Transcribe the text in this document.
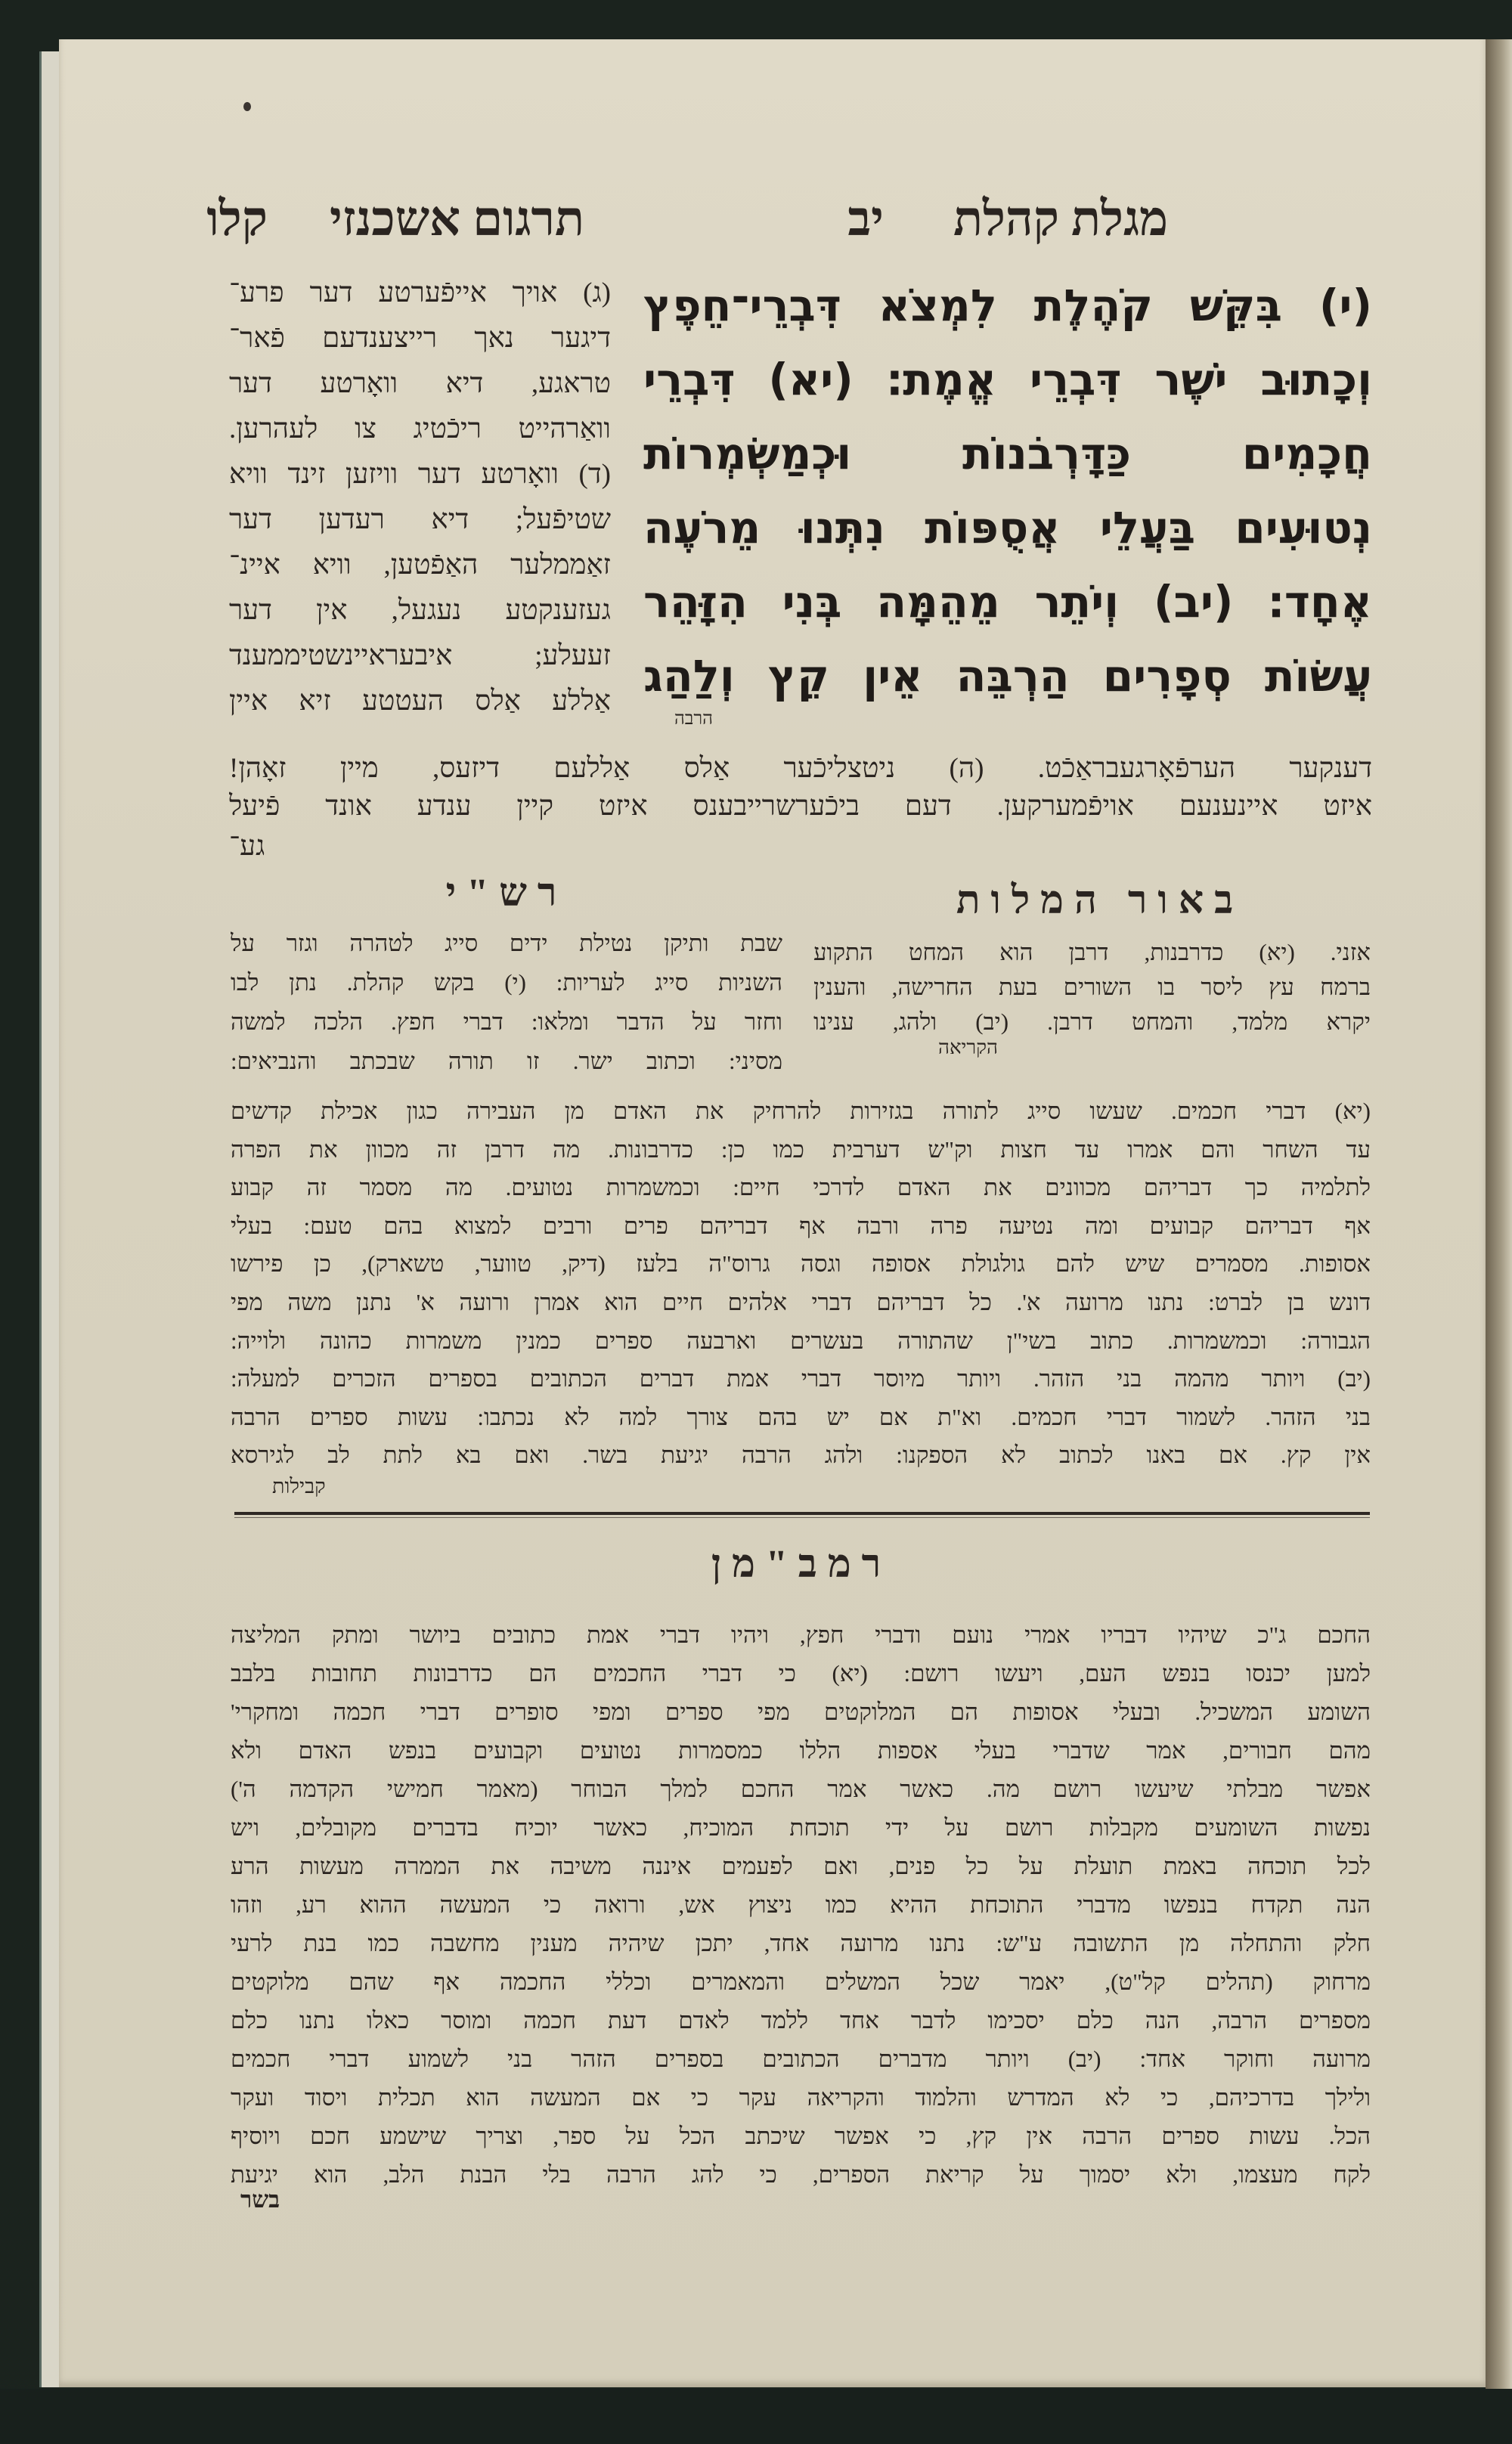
מגלת קהלת  יב
תרגום אשכנזי  קלו
(י) בִּקֵּשׁ קֹהֶלֶת לִמְצֹא דִּבְרֵי־חֵפֶץ
וְכָתוּב יֹשֶׁר דִּבְרֵי אֱמֶת׃ (יא) דִּבְרֵי
חֲכָמִים כַּדָּרְבֹנוֹת וּכְמַשְׂמְרוֹת
נְטוּעִים בַּעֲלֵי אֲסֻפּוֹת נִתְּנוּ מֵרֹעֶה
אֶחָד׃ (יב) וְיֹתֵר מֵהֵמָּה בְּנִי הִזָּהֵר
עֲשׂוֹת סְפָרִים הַרְבֵּה אֵין קֵץ וְלַהַג
הרבה
(ג) אויך אייפֿערטע דער פרע־
דיגער נאך רייצענדעם פֿאר־
טראגע, דיא וואָרטע דער
וואַרהייט ריכֿטיג צו לעהרען.
(ד) וואָרטע דער וויזען זינד וויא
שטיפֿעל; דיא רעדען דער
זאַממלער האַפֿטען, וויא איינ־
געזענקטע נעגעל, אין דער
זעעלע; איבעראיינשטיממענד
אַללע אַלס העטטע זיא איין
דענקער הערפֿאָרגעבראַכֿט. (ה) ניטצליכֿער אַלס אַללעם דיזעס, מיין זאָהן!
איזט איינענעם אויפֿמערקען. דעם ביכֿערשרייבענס איזט קיין ענדע אונד פֿיעל
גע־
באור המלות
רש"י
אזני. (יא) כדרבנות, דרבן הוא המחט התקוע
ברמח עץ ליסר בו השורים בעת החרישה, והענין
יקרא מלמד, והמחט דרבן. (יב) ולהג, ענינו
הקריאה
שבת ותיקן נטילת ידים סייג לטהרה וגזר על
השניות סייג לעריות: (י) בקש קהלת. נתן לבו
וחזר על הדבר ומלאו: דברי חפץ. הלכה למשה
מסיני: וכתוב ישר. זו תורה שבכתב והנביאים:
(יא) דברי חכמים. שעשו סייג לתורה בגזירות להרחיק את האדם מן העבירה כגון אכילת קדשים
עד השחר והם אמרו עד חצות וק"ש דערבית כמו כן: כדרבונות. מה דרבן זה מכוון את הפרה
לתלמיה כך דבריהם מכוונים את האדם לדרכי חיים: וכמשמרות נטועים. מה מסמר זה קבוע
אף דבריהם קבועים ומה נטיעה פרה ורבה אף דבריהם פרים ורבים למצוא בהם טעם: בעלי
אסופות. מסמרים שיש להם גולגולת אסופה וגסה גרוס"ה בלעז (דיק, טווער, טשארק), כן פירשו
דונש בן לברט: נתנו מרועה א'. כל דבריהם דברי אלהים חיים הוא אמרן ורועה א' נתנן משה מפי
הגבורה: וכמשמרות. כתוב בשי"ן שהתורה בעשרים וארבעה ספרים כמנין משמרות כהונה ולוייה:
(יב) ויותר מהמה בני הזהר. ויותר מיוסר דברי אמת דברים הכתובים בספרים הזכרים למעלה:
בני הזהר. לשמור דברי חכמים. וא"ת אם יש בהם צורך למה לא נכתבו: עשות ספרים הרבה
אין קץ. אם באנו לכתוב לא הספקנו: ולהג הרבה יגיעת בשר. ואם בא לתת לב לגירסא
קבילות
רמב"מן
החכם ג"כ שיהיו דבריו אמרי נועם ודברי חפץ, ויהיו דברי אמת כתובים ביושר ומתק המליצה
למען יכנסו בנפש העם, ויעשו רושם: (יא) כי דברי החכמים הם כדרבונות תחובות בלבב
השומע המשכיל. ובעלי אסופות הם המלוקטים מפי ספרים ומפי סופרים דברי חכמה ומחקרי'
מהם חבורים, אמר שדברי בעלי אספות הללו כמסמרות נטועים וקבועים בנפש האדם ולא
אפשר מבלתי שיעשו רושם מה. כאשר אמר החכם למלך הבוחר (מאמר חמישי הקדמה ה')
נפשות השומעים מקבלות רושם על ידי תוכחת המוכיח, כאשר יוכיח בדברים מקובלים, ויש
לכל תוכחה באמת תועלת על כל פנים, ואם לפעמים איננה משיבה את הממרה מעשות הרע
הנה תקדח בנפשו מדברי התוכחת ההיא כמו ניצוץ אש, ורואה כי המעשה ההוא רע, וזהו
חלק והתחלה מן התשובה ע"ש: נתנו מרועה אחד, יתכן שיהיה מענין מחשבה כמו בנת לרעי
מרחוק (תהלים קל"ט), יאמר שכל המשלים והמאמרים וכללי החכמה אף שהם מלוקטים
מספרים הרבה, הנה כלם יסכימו לדבר אחד ללמד לאדם דעת חכמה ומוסר כאלו נתנו כלם
מרועה וחוקר אחד: (יב) ויותר מדברים הכתובים בספרים הזהר בני לשמוע דברי חכמים
ולילך בדרכיהם, כי לא המדרש והלמוד והקריאה עקר כי אם המעשה הוא תכלית ויסוד ועקר
הכל. עשות ספרים הרבה אין קץ, כי אפשר שיכתב הכל על ספר, וצריך שישמע חכם ויוסיף
לקח מעצמו, ולא יסמוך על קריאת הספרים, כי להג הרבה בלי הבנת הלב, הוא יגיעת
בשר
